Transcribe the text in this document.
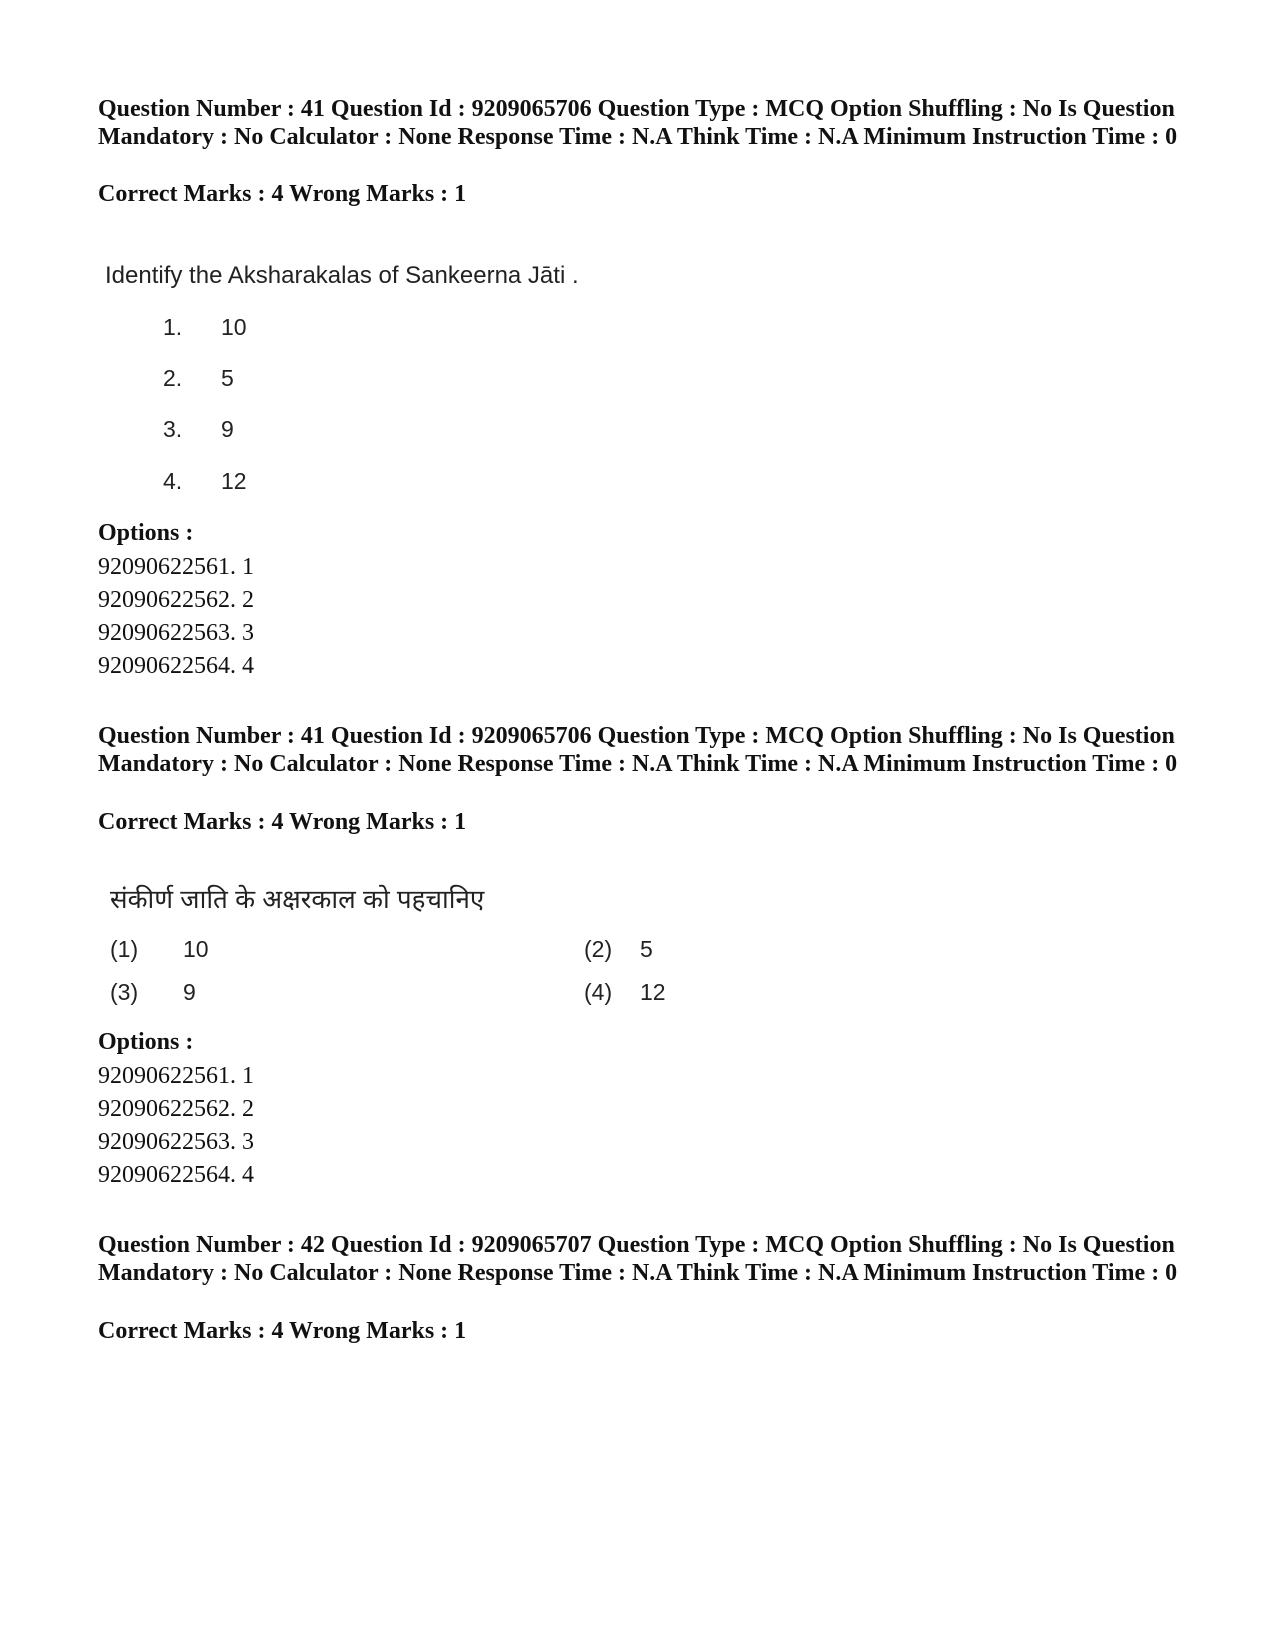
Question Number : 41 Question Id : 9209065706 Question Type : MCQ Option Shuffling : No Is Question Mandatory : No Calculator : None Response Time : N.A Think Time : N.A Minimum Instruction Time : 0
Correct Marks : 4 Wrong Marks : 1
Identify the Aksharakalas of Sankeerna Jāti .
1. 10
2. 5
3. 9
4. 12
Options :
92090622561. 1
92090622562. 2
92090622563. 3
92090622564. 4
Question Number : 41 Question Id : 9209065706 Question Type : MCQ Option Shuffling : No Is Question Mandatory : No Calculator : None Response Time : N.A Think Time : N.A Minimum Instruction Time : 0
Correct Marks : 4 Wrong Marks : 1
संकीर्ण जाति के अक्षरकाल को पहचानिए
(1) 10	(2) 5
(3) 9	(4) 12
Options :
92090622561. 1
92090622562. 2
92090622563. 3
92090622564. 4
Question Number : 42 Question Id : 9209065707 Question Type : MCQ Option Shuffling : No Is Question Mandatory : No Calculator : None Response Time : N.A Think Time : N.A Minimum Instruction Time : 0
Correct Marks : 4 Wrong Marks : 1
